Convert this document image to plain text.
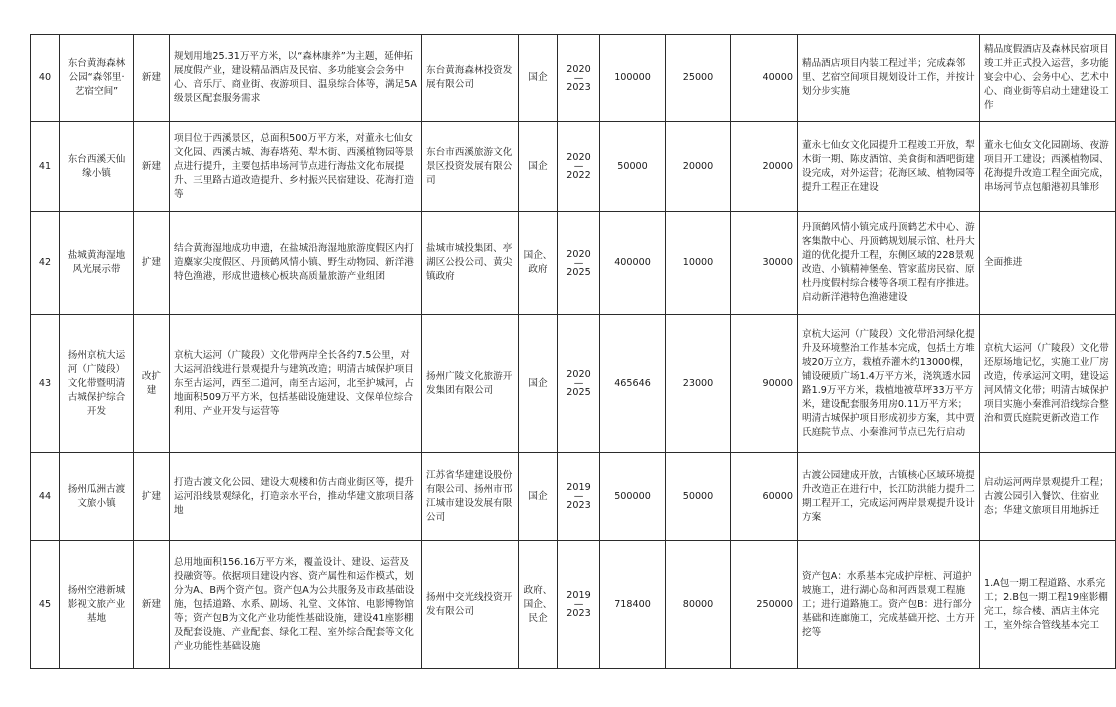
40	东台黄海森林公园“森邻里·艺宿空间”	新建	规划用地25.31万平方米，以“森林康养”为主题，延伸拓展度假产业，建设精品酒店及民宿、多功能宴会会务中心、音乐厅、商业街、夜游项目、温泉综合体等，满足5A级景区配套服务需求	东台黄海森林投资发展有限公司	国企	2020
—
2023	100000	25000	40000	精品酒店项目内装工程过半；完成森邻里、艺宿空间项目规划设计工作，并按计划分步实施	精品度假酒店及森林民宿项目竣工并正式投入运营，多功能宴会中心、会务中心、艺术中心、商业街等启动土建建设工作
41	东台西溪天仙缘小镇	新建	项目位于西溪景区，总面积500万平方米，对董永七仙女文化园、西溪古城、海春塔苑、犁木街、西溪植物园等景点进行提升，主要包括串场河节点进行海盐文化布展提升、三里路古道改造提升、乡村振兴民宿建设、花海打造等	东台市西溪旅游文化景区投资发展有限公司	国企	2020
—
2022	50000	20000	20000	董永七仙女文化园提升工程竣工开放，犁木街一期、陈皮酒馆、美食街和酒吧街建设完成，对外运营；花海区域、植物园等提升工程正在建设	董永七仙女文化园剧场、夜游项目开工建设；西溪植物园、花海提升改造工程全面完成，串场河节点包船港初具雏形
42	盐城黄海湿地风光展示带	扩建	结合黄海湿地成功申遗，在盐城沿海湿地旅游度假区内打造麋家尖度假区、丹顶鹤风情小镇、野生动物园、新洋港特色渔港，形成世遗核心板块高质量旅游产业组团	盐城市城投集团、亭湖区公投公司、黄尖镇政府	国企、政府	2020
—
2025	400000	10000	30000	丹顶鹤风情小镇完成丹顶鹤艺术中心、游客集散中心、丹顶鹤规划展示馆、杜丹大道的优化提升工程，东侧区域的228景观改造、小镇精神堡垒、管家蓝房民宿、原杜丹度假村综合楼等各项工程有序推进。启动新洋港特色渔港建设	全面推进
43	扬州京杭大运河（广陵段）文化带暨明清古城保护综合开发	改扩建	京杭大运河（广陵段）文化带两岸全长各约7.5公里，对大运河沿线进行景观提升与建筑改造；明清古城保护项目东至古运河，西至二道河，南至古运河，北至护城河，占地面积509万平方米，包括基础设施建设、文保单位综合利用、产业开发与运营等	扬州广陵文化旅游开发集团有限公司	国企	2020
—
2025	465646	23000	90000	京杭大运河（广陵段）文化带沿河绿化提升及环境整治工作基本完成，包括土方堆坡20万立方，栽植乔灌木约13000棵，铺设硬质广场1.4万平方米，浇筑透水园路1.9万平方米，栽植地被草坪33万平方米，建设配套服务用房0.11万平方米；明清古城保护项目形成初步方案，其中贾氏庭院节点、小秦淮河节点已先行启动	京杭大运河（广陵段）文化带还原场地记忆，实施工业厂房改造，传承运河文明，建设运河风情文化带；明清古城保护项目实施小秦淮河沿线综合整治和贾氏庭院更新改造工作
44	扬州瓜洲古渡文旅小镇	扩建	打造古渡文化公园、建设大观楼和仿古商业街区等，提升运河沿线景观绿化，打造亲水平台，推动华建文旅项目落地	江苏省华建建设股份有限公司、扬州市邗江城市建设发展有限公司	国企	2019
—
2023	500000	50000	60000	古渡公园建成开放，古镇核心区域环境提升改造正在进行中，长江防洪能力提升二期工程开工，完成运河两岸景观提升设计方案	启动运河两岸景观提升工程；古渡公园引入餐饮、住宿业态；华建文旅项目用地拆迁
45	扬州空港新城影视文旅产业基地	新建	总用地面积156.16万平方米，覆盖设计、建设、运营及投融资等。依据项目建设内容、资产属性和运作模式，划分为A、B两个资产包。资产包A为公共服务及市政基础设施，包括道路、水系、剧场、礼堂、文体馆、电影博物馆等；资产包B为文化产业功能性基础设施，建设41座影棚及配套设施、产业配套、绿化工程、室外综合配套等文化产业功能性基础设施	扬州中交光线投资开发有限公司	政府、国企、民企	2019
—
2023	718400	80000	250000	资产包A：水系基本完成护岸桩、河道护坡施工，进行湖心岛和河西景观工程施工；进行道路施工。资产包B：进行部分基础和连廊施工，完成基础开挖、土方开挖等	1.A包一期工程道路、水系完工；2.B包一期工程19座影棚完工，综合楼、酒店主体完工，室外综合管线基本完工
